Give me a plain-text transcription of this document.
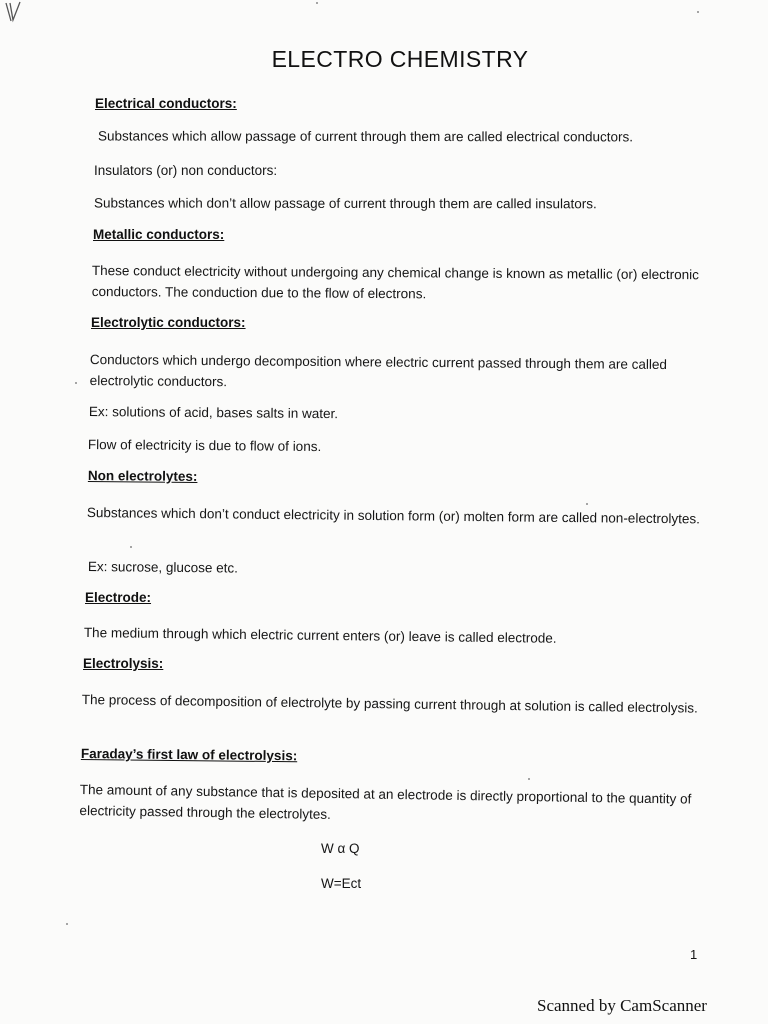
ELECTRO CHEMISTRY
Electrical conductors:
Substances which allow passage of current through them are called electrical conductors.
Insulators (or) non conductors:
Substances which don’t allow passage of current through them are called insulators.
Metallic conductors:
These conduct electricity without undergoing any chemical change is known as metallic (or) electronic conductors. The conduction due to the flow of electrons.
Electrolytic conductors:
Conductors which undergo decomposition where electric current passed through them are called electrolytic conductors.
Ex: solutions of acid, bases salts in water.
Flow of electricity is due to flow of ions.
Non electrolytes:
Substances which don’t conduct electricity in solution form (or) molten form are called non-electrolytes.
Ex: sucrose, glucose etc.
Electrode:
The medium through which electric current enters (or) leave is called electrode.
Electrolysis:
The process of decomposition of electrolyte by passing current through at solution is called electrolysis.
Faraday’s first law of electrolysis:
The amount of any substance that is deposited at an electrode is directly proportional to the quantity of electricity passed through the electrolytes.
W α Q
W=Ect
1
Scanned by CamScanner
